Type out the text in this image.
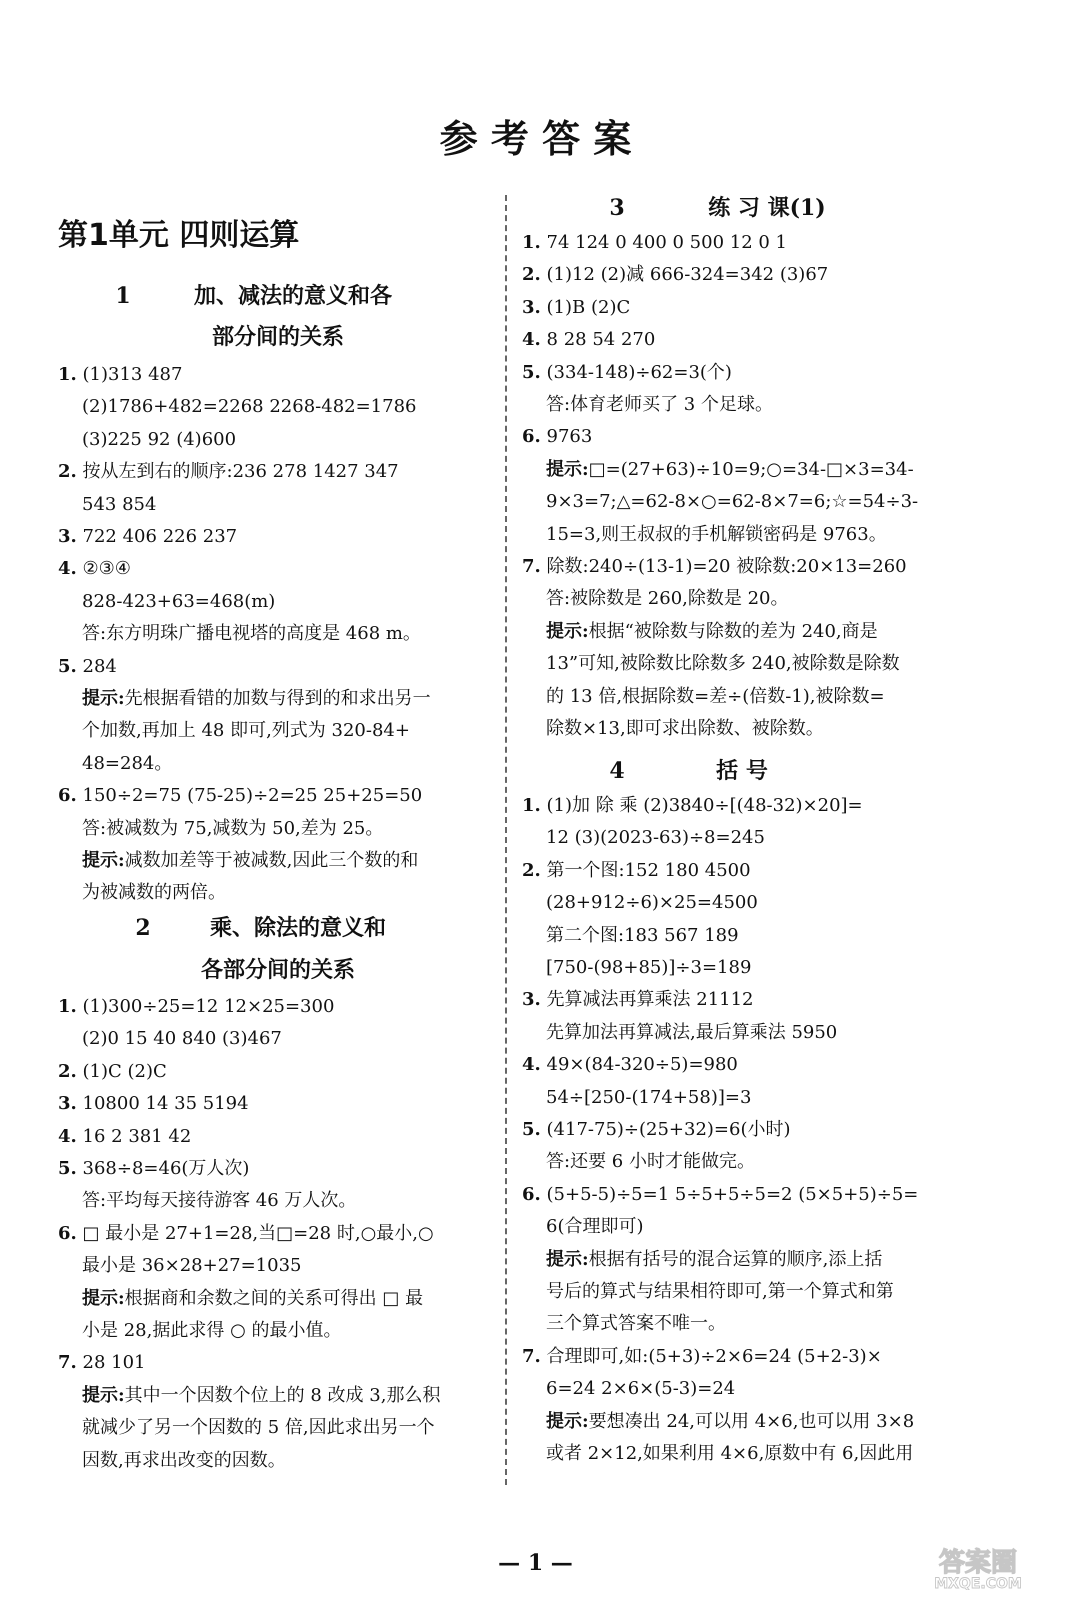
参 考 答 案
第1单元 四则运算
1	加、减法的意义和各
部分间的关系
1. (1)313 487
(2)1786+482=2268 2268-482=1786
(3)225 92 (4)600
2. 按从左到右的顺序:236 278 1427 347
543 854
3. 722 406 226 237
4. ②③④
828-423+63=468(m)
答:东方明珠广播电视塔的高度是 468 m。
5. 284
提示:先根据看错的加数与得到的和求出另一
个加数,再加上 48 即可,列式为 320-84+
48=284。
6. 150÷2=75 (75-25)÷2=25 25+25=50
答:被减数为 75,减数为 50,差为 25。
提示:减数加差等于被减数,因此三个数的和
为被减数的两倍。
2	乘、除法的意义和
各部分间的关系
1. (1)300÷25=12 12×25=300
(2)0 15 40 840 (3)467
2. (1)C (2)C
3. 10800 14 35 5194
4. 16 2 381 42
5. 368÷8=46(万人次)
答:平均每天接待游客 46 万人次。
6. □ 最小是 27+1=28,当□=28 时,○最小,○
最小是 36×28+27=1035
提示:根据商和余数之间的关系可得出 □ 最
小是 28,据此求得 ○ 的最小值。
7. 28 101
提示:其中一个因数个位上的 8 改成 3,那么积
就减少了另一个因数的 5 倍,因此求出另一个
因数,再求出改变的因数。
3	练 习 课(1)
1. 74 124 0 400 0 500 12 0 1
2. (1)12 (2)减 666-324=342 (3)67
3. (1)B (2)C
4. 8 28 54 270
5. (334-148)÷62=3(个)
答:体育老师买了 3 个足球。
6. 9763
提示:□=(27+63)÷10=9;○=34-□×3=34-
9×3=7;△=62-8×○=62-8×7=6;☆=54÷3-
15=3,则王叔叔的手机解锁密码是 9763。
7. 除数:240÷(13-1)=20 被除数:20×13=260
答:被除数是 260,除数是 20。
提示:根据“被除数与除数的差为 240,商是
13”可知,被除数比除数多 240,被除数是除数
的 13 倍,根据除数=差÷(倍数-1),被除数=
除数×13,即可求出除数、被除数。
4	括 号
1. (1)加 除 乘 (2)3840÷[(48-32)×20]=
12 (3)(2023-63)÷8=245
2. 第一个图:152 180 4500
(28+912÷6)×25=4500
第二个图:183 567 189
[750-(98+85)]÷3=189
3. 先算减法再算乘法 21112
先算加法再算减法,最后算乘法 5950
4. 49×(84-320÷5)=980
54÷[250-(174+58)]=3
5. (417-75)÷(25+32)=6(小时)
答:还要 6 小时才能做完。
6. (5+5-5)÷5=1 5÷5+5÷5=2 (5×5+5)÷5=
6(合理即可)
提示:根据有括号的混合运算的顺序,添上括
号后的算式与结果相符即可,第一个算式和第
三个算式答案不唯一。
7. 合理即可,如:(5+3)÷2×6=24 (5+2-3)×
6=24 2×6×(5-3)=24
提示:要想凑出 24,可以用 4×6,也可以用 3×8
或者 2×12,如果利用 4×6,原数中有 6,因此用
— 1 —	答案圈
MXQE.COM
